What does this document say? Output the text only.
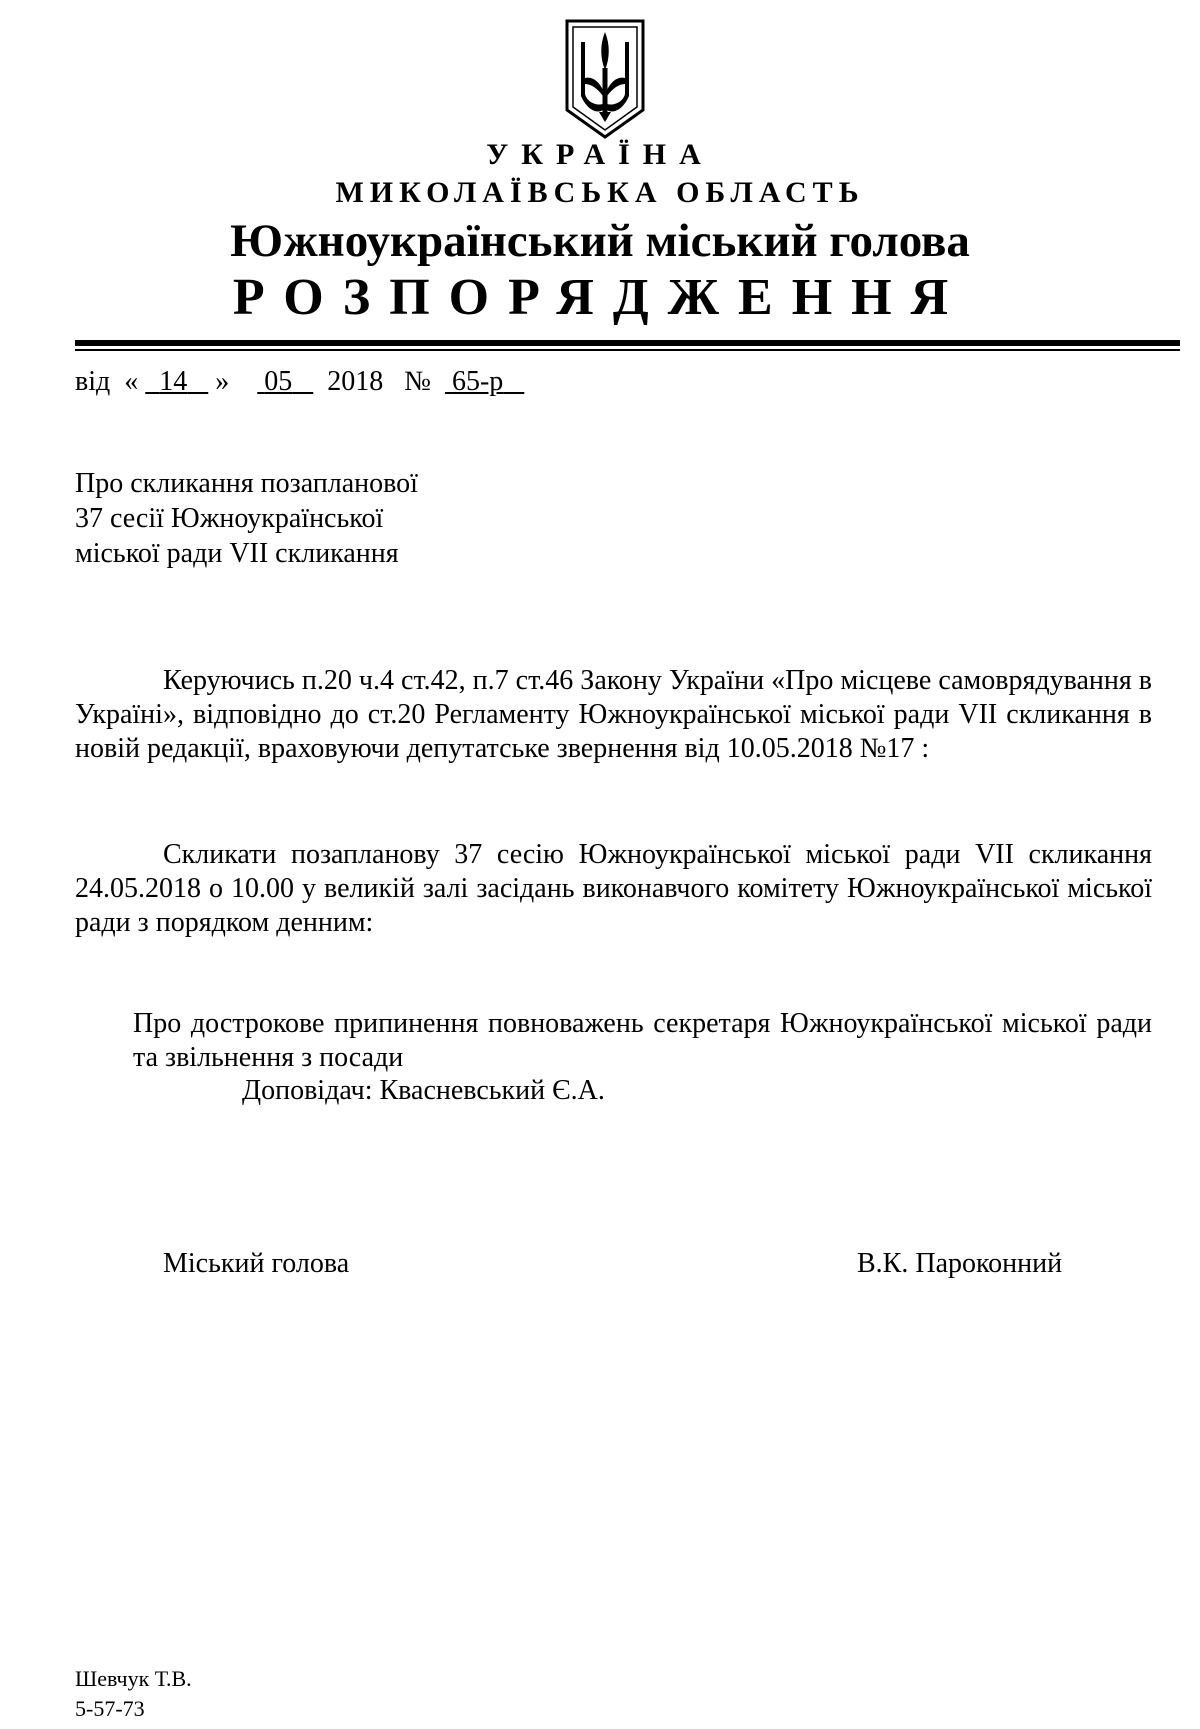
УКРАЇНА
МИКОЛАЇВСЬКА ОБЛАСТЬ
Южноукраїнський міський голова
РОЗПОРЯДЖЕННЯ
від « 14 » 05 2018 № 65-р
Про скликання позапланової
37 сесії Южноукраїнської
міської ради VII скликання
Керуючись п.20 ч.4 ст.42, п.7 ст.46 Закону України «Про місцеве самоврядування в Україні», відповідно до ст.20 Регламенту Южноукраїнської міської ради VII скликання в новій редакції, враховуючи депутатське звернення від 10.05.2018 №17 :
Скликати позапланову 37 сесію Южноукраїнської міської ради VII скликання 24.05.2018 о 10.00 у великій залі засідань виконавчого комітету Южноукраїнської міської ради з порядком денним:
Про дострокове припинення повноважень секретаря Южноукраїнської міської ради та звільнення з посади
Доповідач: Квасневський Є.А.
Міський голова	В.К. Пароконний
Шевчук Т.В.
5-57-73
